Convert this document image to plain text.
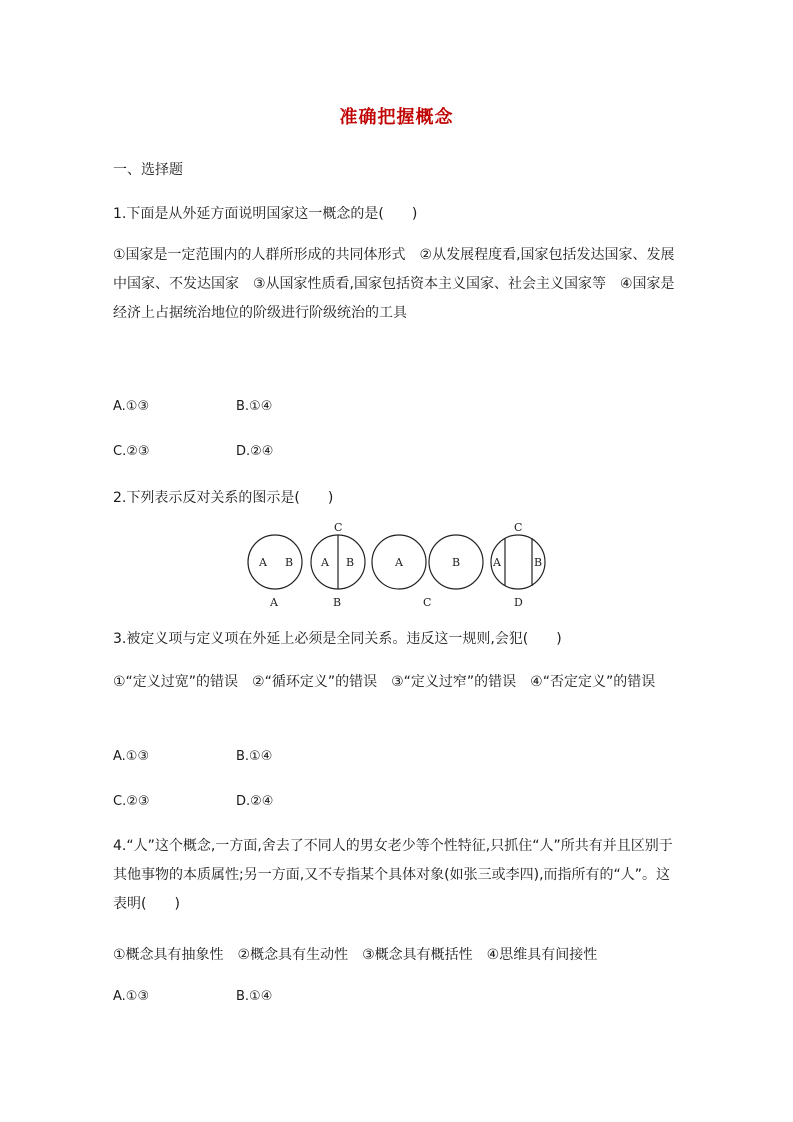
准确把握概念
一、选择题
1.下面是从外延方面说明国家这一概念的是(　　)
①国家是一定范围内的人群所形成的共同体形式　②从发展程度看,国家包括发达国家、发展中国家、不发达国家　③从国家性质看,国家包括资本主义国家、社会主义国家等　④国家是经济上占据统治地位的阶级进行阶级统治的工具
A.①③	B.①④
C.②③	D.②④
2.下列表示反对关系的图示是(　　)
A B
C
A B	A	B
C
A	B
A	B	C	D
3.被定义项与定义项在外延上必须是全同关系。违反这一规则,会犯(　　)
①“定义过宽”的错误　②“循环定义”的错误　③“定义过窄”的错误　④“否定定义”的错误
A.①③	B.①④
C.②③	D.②④
4.“人”这个概念,一方面,舍去了不同人的男女老少等个性特征,只抓住“人”所共有并且区别于其他事物的本质属性;另一方面,又不专指某个具体对象(如张三或李四),而指所有的“人”。这表明(　　)
①概念具有抽象性　②概念具有生动性　③概念具有概括性　④思维具有间接性
A.①③	B.①④
